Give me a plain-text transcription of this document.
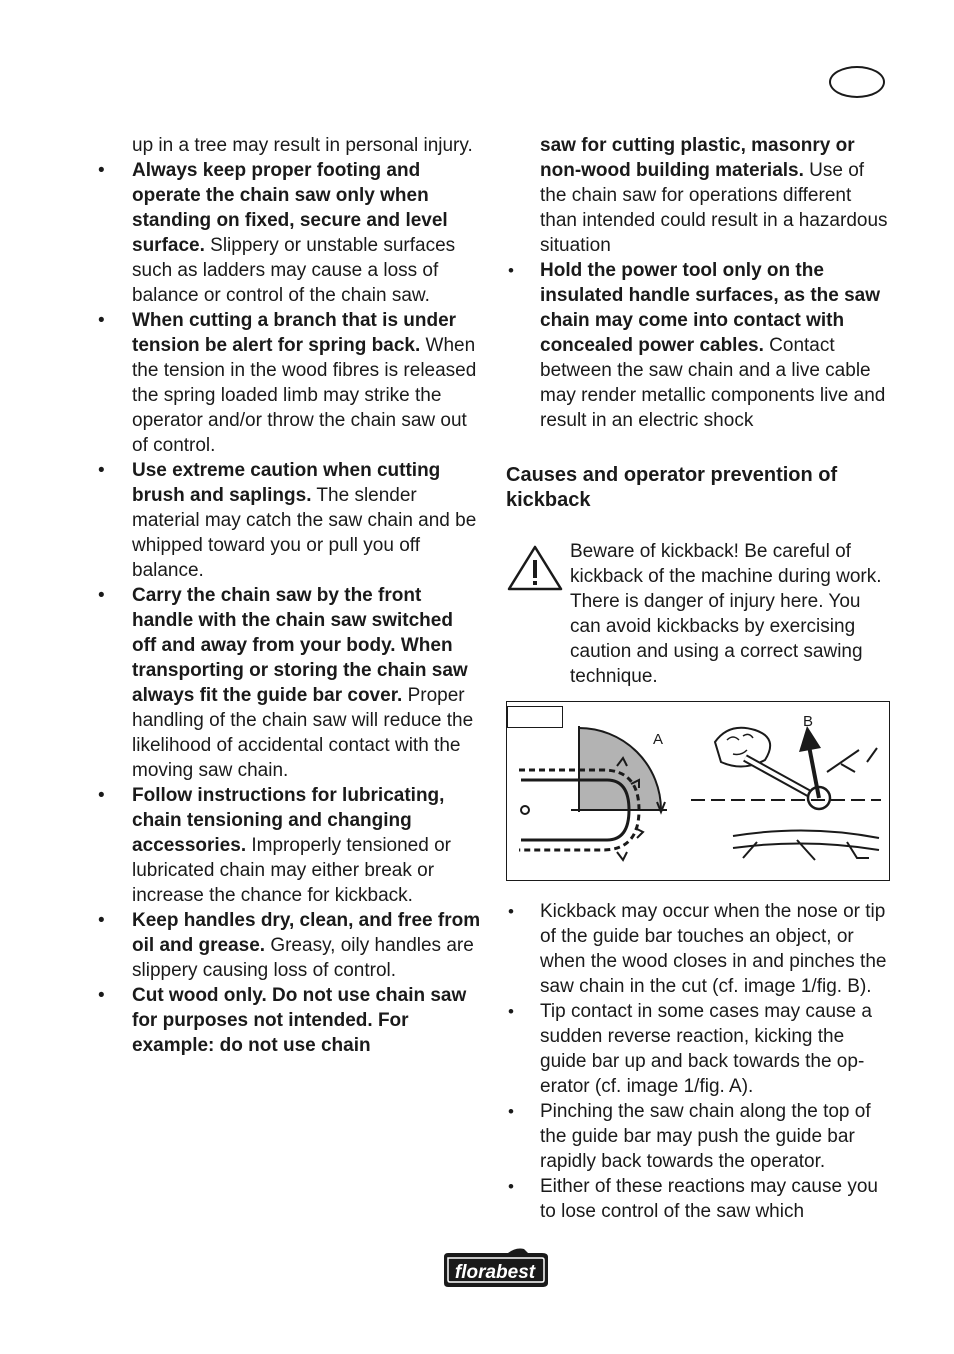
up in a tree may result in personal injury.
•	Always keep proper footing and operate the chain saw only when standing on fixed, secure and level surface. Slippery or unstable surfaces such as ladders may cause a loss of balance or control of the chain saw.
•	When cutting a branch that is under tension be alert for spring back. When the tension in the wood fibres is released the spring loaded limb may strike the operator and/or throw the chain saw out of control.
•	Use extreme caution when cutting brush and saplings. The slender material may catch the saw chain and be whipped toward you or pull you off balance.
•	Carry the chain saw by the front handle with the chain saw switched off and away from your body. When transporting or storing the chain saw always fit the guide bar cover. Proper handling of the chain saw will reduce the likelihood of accidental contact with the moving saw chain.
•	Follow instructions for lubricating, chain tensioning and changing accessories. Improperly tensioned or lubricated chain may either break or increase the chance for kickback.
•	Keep handles dry, clean, and free from oil and grease. Greasy, oily handles are slippery causing loss of control.
•	Cut wood only. Do not use chain saw for purposes not intended. For example: do not use chain
saw for cutting plastic, masonry or non-wood building materials. Use of the chain saw for operations different than intended could result in a hazardous situation
•	Hold the power tool only on the insulated handle surfaces, as the saw chain may come into contact with concealed power cables. Contact between the saw chain and a live cable may render metallic components live and result in an electric shock
Causes and operator prevention of kickback
Beware of kickback! Be careful of kickback of the machine during work. There is danger of injury here. You can avoid kickbacks by exercising caution and using a correct sawing technique.
A
B
•	Kickback may occur when the nose or tip of the guide bar touches an object, or when the wood closes in and pinches the saw chain in the cut (cf. image 1/fig. B).
•	Tip contact in some cases may cause a sudden reverse reaction, kicking the guide bar up and back towards the operator (cf. image 1/fig. A).
•	Pinching the saw chain along the top of the guide bar may push the guide bar rapidly back towards the operator.
•	Either of these reactions may cause you to lose control of the saw which
florabest
